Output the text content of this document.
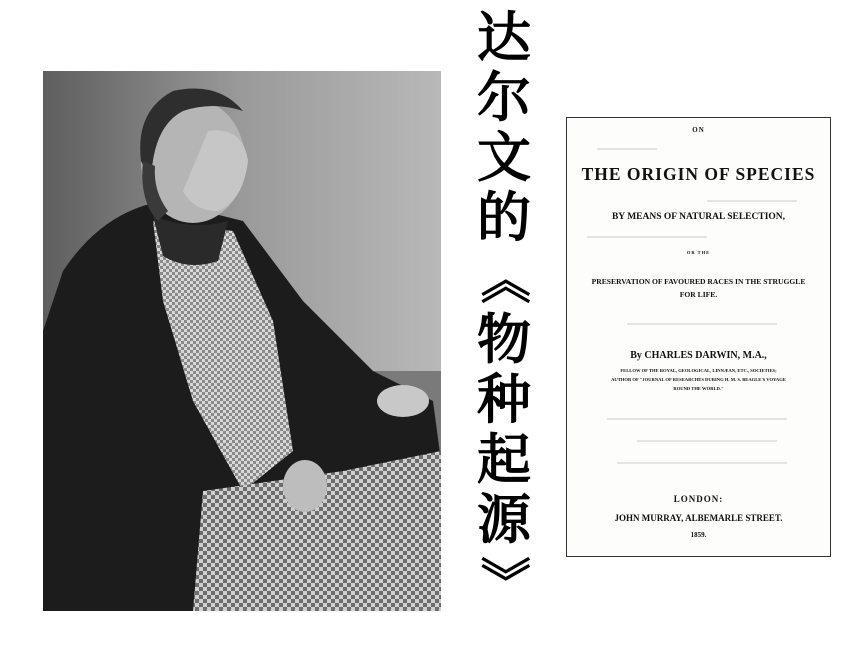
达
尔
文
的
《
物
种
起
源
》
ON
THE ORIGIN OF SPECIES
BY MEANS OF NATURAL SELECTION,
OR THE
PRESERVATION OF FAVOURED RACES IN THE STRUGGLE
FOR LIFE.
By CHARLES DARWIN, M.A.,
FELLOW OF THE ROYAL, GEOLOGICAL, LINNÆAN, ETC., SOCIETIES;
AUTHOR OF "JOURNAL OF RESEARCHES DURING H. M. S. BEAGLE'S VOYAGE
ROUND THE WORLD."
LONDON:
JOHN MURRAY, ALBEMARLE STREET.
1859.
